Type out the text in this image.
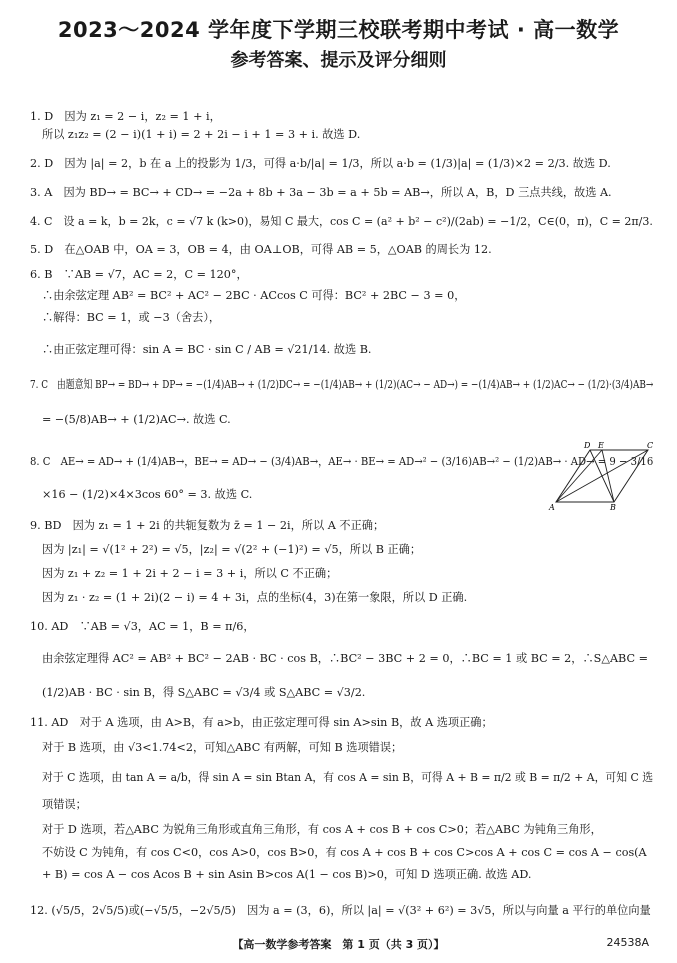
2023～2024 学年度下学期三校联考期中考试 · 高一数学
参考答案、提示及评分细则
1. D　因为 z₁ = 2 − i，z₂ = 1 + i，
所以 z₁z₂ = (2 − i)(1 + i) = 2 + 2i − i + 1 = 3 + i. 故选 D.
2. D　因为 |a| = 2，b 在 a 上的投影为 1/3，可得 a·b/|a| = 1/3，所以 a·b = (1/3)|a| = (1/3)×2 = 2/3. 故选 D.
3. A　因为 BD→ = BC→ + CD→ = −2a + 8b + 3a − 3b = a + 5b = AB→，所以 A，B，D 三点共线，故选 A.
4. C　设 a = k，b = 2k，c = √7 k (k>0)，易知 C 最大，cos C = (a² + b² − c²)/(2ab) = −1/2，C∈(0，π)，C = 2π/3.
5. D　在△OAB 中，OA = 3，OB = 4，由 OA⊥OB，可得 AB = 5，△OAB 的周长为 12.
6. B　∵AB = √7，AC = 2，C = 120°，
∴由余弦定理 AB² = BC² + AC² − 2BC · ACcos C 可得：BC² + 2BC − 3 = 0，
∴解得：BC = 1，或 −3（舍去），
∴由正弦定理可得：sin A = BC · sin C / AB = √21/14. 故选 B.
7. C　由题意知 BP→ = BD→ + DP→ = −(1/4)AB→ + (1/2)DC→ = −(1/4)AB→ + (1/2)(AC→ − AD→) = −(1/4)AB→ + (1/2)AC→ − (1/2)·(3/4)AB→
= −(5/8)AB→ + (1/2)AC→. 故选 C.
8. C　AE→ = AD→ + (1/4)AB→，BE→ = AD→ − (3/4)AB→，AE→ · BE→ = AD→² − (3/16)AB→² − (1/2)AB→ · AD→ = 9 − 3/16
×16 − (1/2)×4×3cos 60° = 3. 故选 C.
9. BD　因为 z₁ = 1 + 2i 的共轭复数为 z̄ = 1 − 2i，所以 A 不正确；
因为 |z₁| = √(1² + 2²) = √5，|z₂| = √(2² + (−1)²) = √5，所以 B 正确；
因为 z₁ + z₂ = 1 + 2i + 2 − i = 3 + i，所以 C 不正确；
因为 z₁ · z₂ = (1 + 2i)(2 − i) = 4 + 3i，点的坐标(4，3)在第一象限，所以 D 正确.
10. AD　∵AB = √3，AC = 1，B = π/6，
由余弦定理得 AC² = AB² + BC² − 2AB · BC · cos B，∴BC² − 3BC + 2 = 0，∴BC = 1 或 BC = 2，∴S△ABC =
(1/2)AB · BC · sin B，得 S△ABC = √3/4 或 S△ABC = √3/2.
11. AD　对于 A 选项，由 A>B，有 a>b，由正弦定理可得 sin A>sin B，故 A 选项正确；
对于 B 选项，由 √3<1.74<2，可知△ABC 有两解，可知 B 选项错误；
对于 C 选项，由 tan A = a/b，得 sin A = sin Btan A，有 cos A = sin B，可得 A + B = π/2 或 B = π/2 + A，可知 C 选
项错误；
对于 D 选项，若△ABC 为锐角三角形或直角三角形，有 cos A + cos B + cos C>0；若△ABC 为钝角三角形，
不妨设 C 为钝角，有 cos C<0，cos A>0，cos B>0，有 cos A + cos B + cos C>cos A + cos C = cos A − cos(A
+ B) = cos A − cos Acos B + sin Asin B>cos A(1 − cos B)>0，可知 D 选项正确. 故选 AD.
12. (√5/5，2√5/5)或(−√5/5，−2√5/5)　因为 a = (3，6)，所以 |a| = √(3² + 6²) = 3√5，所以与向量 a 平行的单位向量
D E	C
A	B
【高一数学参考答案　第 1 页（共 3 页）】	24538A
